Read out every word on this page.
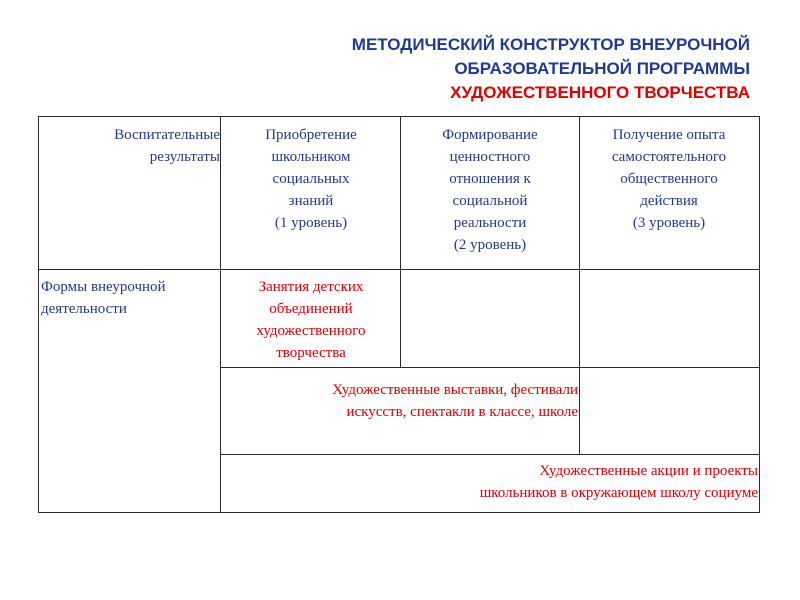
МЕТОДИЧЕСКИЙ КОНСТРУКТОР ВНЕУРОЧНОЙ
ОБРАЗОВАТЕЛЬНОЙ ПРОГРАММЫ
ХУДОЖЕСТВЕННОГО ТВОРЧЕСТВА
Воспитательные
результаты
Приобретение
школьником
социальных
знаний
(1 уровень)
Формирование
ценностного
отношения к
социальной
реальности
(2 уровень)
Получение опыта
самостоятельного
общественного
действия
(3 уровень)
Формы внеурочной
деятельности
Занятия детских
объединений
художественного
творчества
Художественные выставки, фестивали
искусств, спектакли в классе, школе
Художественные акции и проекты
школьников в окружающем школу социуме
